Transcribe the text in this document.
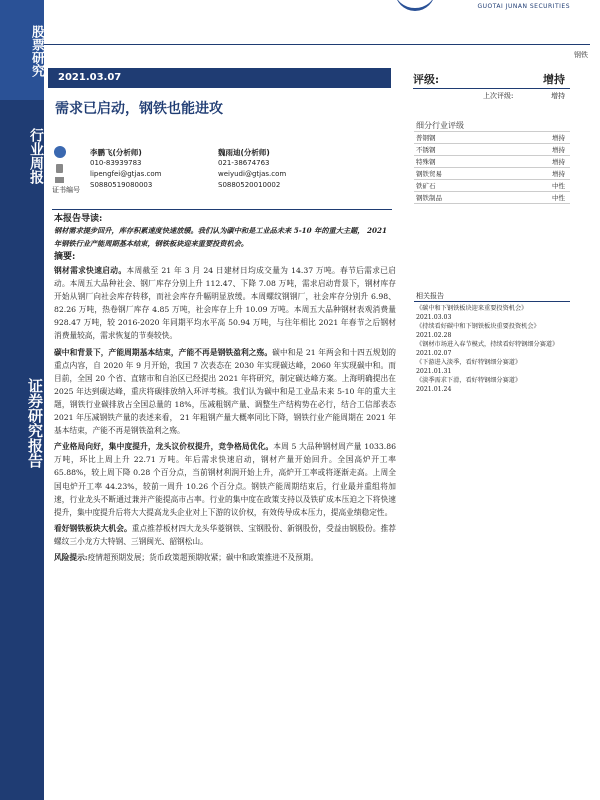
股票研究
行业周报
证券研究报告
GUOTAI JUNAN SECURITIES
钢铁
2021.03.07
需求已启动，钢铁也能进攻
评级:	增持
上次评级:	增持
细分行业评级
普钢钢	增持
不锈钢	增持
特殊钢	增持
钢铁贸易	增持
铁矿石	中性
钢铁制品	中性
证书编号
李鹏飞(分析师)
010-83939783
lipengfei@gtjas.com
S0880519080003
魏雨迪(分析师)
021-38674763
weiyudi@gtjas.com
S0880520010002
本报告导读:
钢材需求提步回升，库存积累速度快速放缓。我们认为碳中和是工业品未来 5-10 年的重大主题， 2021 年钢铁行业产能周期基本结束，钢铁板块迎来重要投资机会。
摘要:

钢材需求快速启动。本周截至 21 年 3 月 24 日建材日均成交量为 14.37 万吨。春节后需求已启动。本周五大品种社会、钢厂库存分别上升 112.47、下降 7.08 万吨，需求启动背景下，钢材库存开始从钢厂向社会库存转移，而社会库存升幅明显放缓。本周螺纹钢钢厂，社会库存分别升 6.98、82.26 万吨，热卷钢厂库存 4.85 万吨，社会库存上升 10.09 万吨。本周五大品种钢材表观消费量 928.47 万吨，较 2016-2020 年同期平均水平高 50.94 万吨，与往年相比 2021 年春节之后钢材消费量较高，需求恢复的节奏较快。

碳中和背景下，产能周期基本结束，产能不再是钢铁盈利之殇。碳中和是 21 年两会和十四五规划的重点内容，自 2020 年 9 月开始，我国 7 次表态在 2030 年实现碳达峰，2060 年实现碳中和。而目前，全国 20 个省、直辖市和自治区已经提出 2021 年将研究，制定碳达峰方案。上海明确提出在 2025 年达到碳达峰，重庆将碳排放纳入环评考核。我们认为碳中和是工业品未来 5-10 年的重大主题，钢铁行业碳排放占全国总量的 18%，压减粗钢产量、调整生产结构势在必行，结合工信部表态 2021 年压减钢铁产量的表述来看， 21 年粗钢产量大概率同比下降，钢铁行业产能周期在 2021 年基本结束，产能不再是钢铁盈利之殇。

产业格局向好，集中度提升，龙头议价权提升，竞争格局优化。本周 5 大品种钢材周产量 1033.86 万吨，环比上周上升 22.71 万吨。年后需求快速启动，钢材产量开始回升。全国高炉开工率 65.88%，较上周下降 0.28 个百分点，当前钢材利润开始上升，高炉开工率或将逐渐走高。上周全国电炉开工率 44.23%，较前一周升 10.26 个百分点。钢铁产能周期结束后，行业最并重组将加速，行业龙头不断通过兼并产能提高市占率。行业的集中度在政策支持以及铁矿成本压迫之下将快速提升，集中度提升后将大大提高龙头企业对上下游的议价权，有效传导成本压力，提高业绩稳定性。

看好钢铁板块大机会。重点推荐板材四大龙头华菱钢铁、宝钢股份、新钢股份，受益由钢股份。推荐螺纹三小龙方大特钢、三钢闽光、韶钢松山。

风险提示:疫情超预期发展；货币政策超预期收紧；碳中和政策推进不及预期。

相关报告
《碳中和下钢铁板块迎来重要投资机会》
2021.03.03
《持续看好碳中和下钢铁板块重要投资机会》
2021.02.28
《钢材市场进入春节模式，持续看好特钢细分赛道》
2021.02.07
《下游进入淡季，看好特钢细分赛道》
2021.01.31
《淡季需求下滑，看好特钢细分赛道》
2021.01.24
